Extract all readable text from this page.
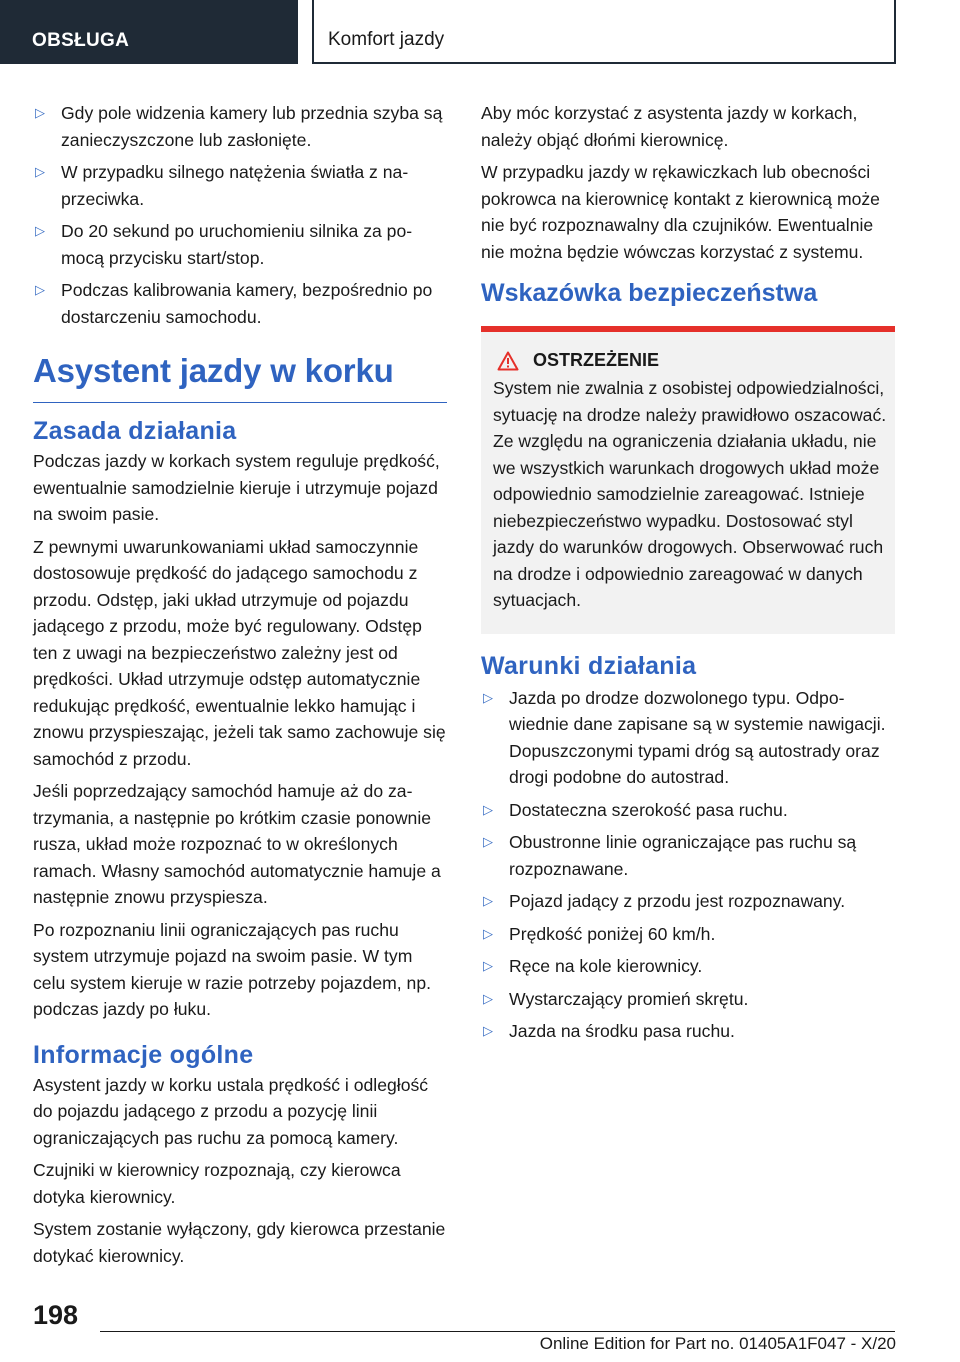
OBSŁUGA	Komfort jazdy
▷ Gdy pole widzenia kamery lub przednia szyba są zanieczyszczone lub zasłonięte.
▷ W przypadku silnego natężenia światła z naprzeciwka.
▷ Do 20 sekund po uruchomieniu silnika za pomocą przycisku start/stop.
▷ Podczas kalibrowania kamery, bezpośrednio po dostarczeniu samochodu.
Asystent jazdy w korku
Zasada działania

Podczas jazdy w korkach system reguluje prędkość, ewentualnie samodzielnie kieruje i utrzymuje pojazd na swoim pasie.

Z pewnymi uwarunkowaniami układ samoczynnie dostosowuje prędkość do jadącego samochodu z przodu. Odstęp, jaki układ utrzymuje od pojazdu jadącego z przodu, może być regulowany. Odstęp ten z uwagi na bezpieczeństwo zależny jest od prędkości. Układ utrzymuje odstęp automatycznie redukując prędkość, ewentualnie lekko hamując i znowu przyspieszając, jeżeli tak samo zachowuje się samochód z przodu.

Jeśli poprzedzający samochód hamuje aż do zatrzymania, a następnie po krótkim czasie ponownie rusza, układ może rozpoznać to w określonych ramach. Własny samochód automatycznie hamuje a następnie znowu przyspiesza.

Po rozpoznaniu linii ograniczających pas ruchu system utrzymuje pojazd na swoim pasie. W tym celu system kieruje w razie potrzeby pojazdem, np. podczas jazdy po łuku.

Informacje ogólne

Asystent jazdy w korku ustala prędkość i odległość do pojazdu jadącego z przodu a pozycję linii ograniczających pas ruchu za pomocą kamery.

Czujniki w kierownicy rozpoznają, czy kierowca dotyka kierownicy.

System zostanie wyłączony, gdy kierowca przestanie dotykać kierownicy.

Aby móc korzystać z asystenta jazdy w korkach, należy objąć dłońmi kierownicę.

W przypadku jazdy w rękawiczkach lub obecności pokrowca na kierownicę kontakt z kierownicą może nie być rozpoznawalny dla czujników. Ewentualnie nie można będzie wówczas korzystać z systemu.

Wskazówka bezpieczeństwa
OSTRZEŻENIE

System nie zwalnia z osobistej odpowiedzialności, sytuację na drodze należy prawidłowo oszacować. Ze względu na ograniczenia działania układu, nie we wszystkich warunkach drogowych układ może odpowiednio samodzielnie zareagować. Istnieje niebezpieczeństwo wypadku. Dostosować styl jazdy do warunków drogowych. Obserwować ruch na drodze i odpowiednio zareagować w danych sytuacjach.

Warunki działania
▷ Jazda po drodze dozwolonego typu. Odpowiednie dane zapisane są w systemie nawigacji. Dopuszczonymi typami dróg są autostrady oraz drogi podobne do autostrad.
▷ Dostateczna szerokość pasa ruchu.
▷ Obustronne linie ograniczające pas ruchu są rozpoznawane.
▷ Pojazd jadący z przodu jest rozpoznawany.
▷ Prędkość poniżej 60 km/h.
▷ Ręce na kole kierownicy.
▷ Wystarczający promień skrętu.
▷ Jazda na środku pasa ruchu.
198
Online Edition for Part no. 01405A1F047 - X/20
